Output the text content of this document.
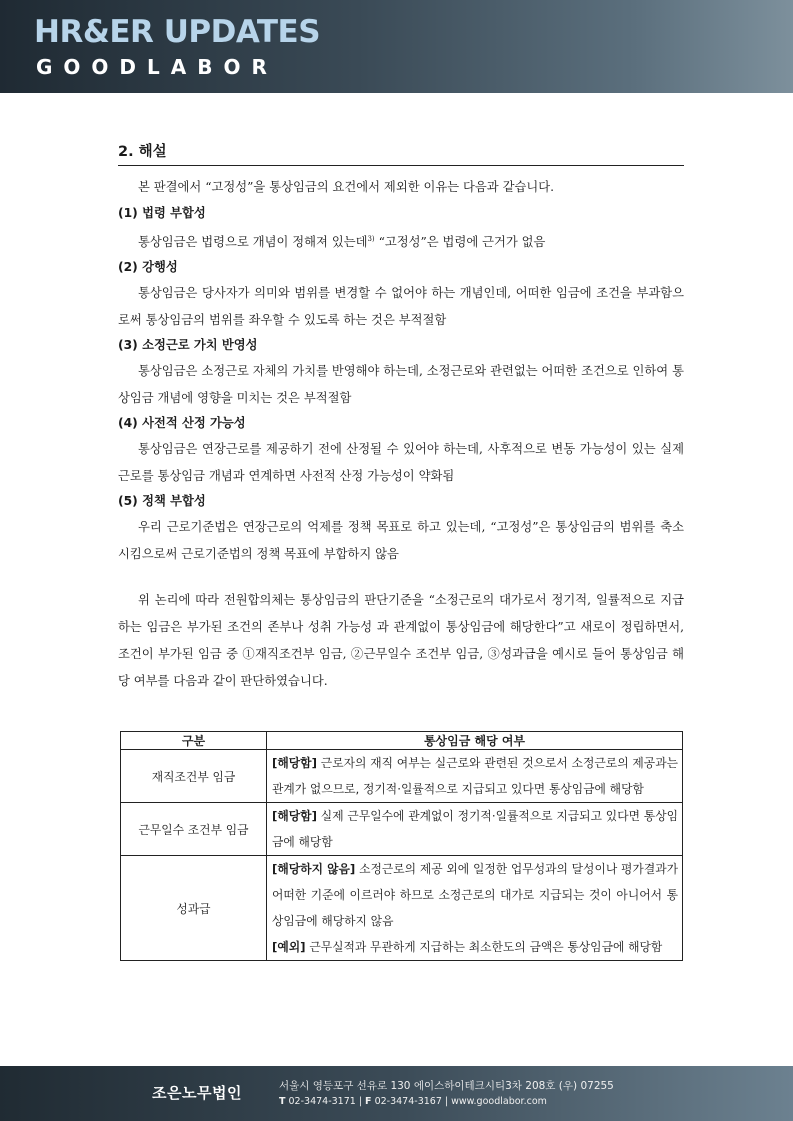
HR&ER UPDATES
GOODLABOR
2. 해설

본 판결에서 “고정성”을 통상임금의 요건에서 제외한 이유는 다음과 같습니다.

(1) 법령 부합성

통상임금은 법령으로 개념이 정해져 있는데$^{3)}$ “고정성”은 법령에 근거가 없음

(2) 강행성

통상임금은 당사자가 의미와 범위를 변경할 수 없어야 하는 개념인데, 어떠한 임금에 조건을 부과함으로써 통상임금의 범위를 좌우할 수 있도록 하는 것은 부적절함

(3) 소정근로 가치 반영성

통상임금은 소정근로 자체의 가치를 반영해야 하는데, 소정근로와 관련없는 어떠한 조건으로 인하여 통상임금 개념에 영향을 미치는 것은 부적절함

(4) 사전적 산정 가능성

통상임금은 연장근로를 제공하기 전에 산정될 수 있어야 하는데, 사후적으로 변동 가능성이 있는 실제 근로를 통상임금 개념과 연계하면 사전적 산정 가능성이 약화됨

(5) 정책 부합성

우리 근로기준법은 연장근로의 억제를 정책 목표로 하고 있는데, “고정성”은 통상임금의 범위를 축소시킴으로써 근로기준법의 정책 목표에 부합하지 않음

위 논리에 따라 전원합의체는 통상임금의 판단기준을 “소정근로의 대가로서 정기적, 일률적으로 지급하는 임금은 부가된 조건의 존부나 성취 가능성 과 관계없이 통상임금에 해당한다”고 새로이 정립하면서, 조건이 부가된 임금 중 ①재직조건부 임금, ②근무일수 조건부 임금, ③성과급을 예시로 들어 통상임금 해당 여부를 다음과 같이 판단하였습니다.

구분	통상임금 해당 여부
재직조건부 임금	[해당함] 근로자의 재직 여부는 실근로와 관련된 것으로서 소정근로의 제공과는 관계가 없으므로, 정기적·일률적으로 지급되고 있다면 통상임금에 해당함
근무일수 조건부 임금	[해당함] 실제 근무일수에 관계없이 정기적·일률적으로 지급되고 있다면 통상임금에 해당함
성과급	[해당하지 않음] 소정근로의 제공 외에 일정한 업무성과의 달성이나 평가결과가 어떠한 기준에 이르러야 하므로 소정근로의 대가로 지급되는 것이 아니어서 통상임금에 해당하지 않음
[예외] 근무실적과 무관하게 지급하는 최소한도의 금액은 통상임금에 해당함
조은노무법인	서울시 영등포구 선유로 130 에이스하이테크시티3차 208호 (우) 07255
T 02-3474-3171 | F 02-3474-3167 | www.goodlabor.com
